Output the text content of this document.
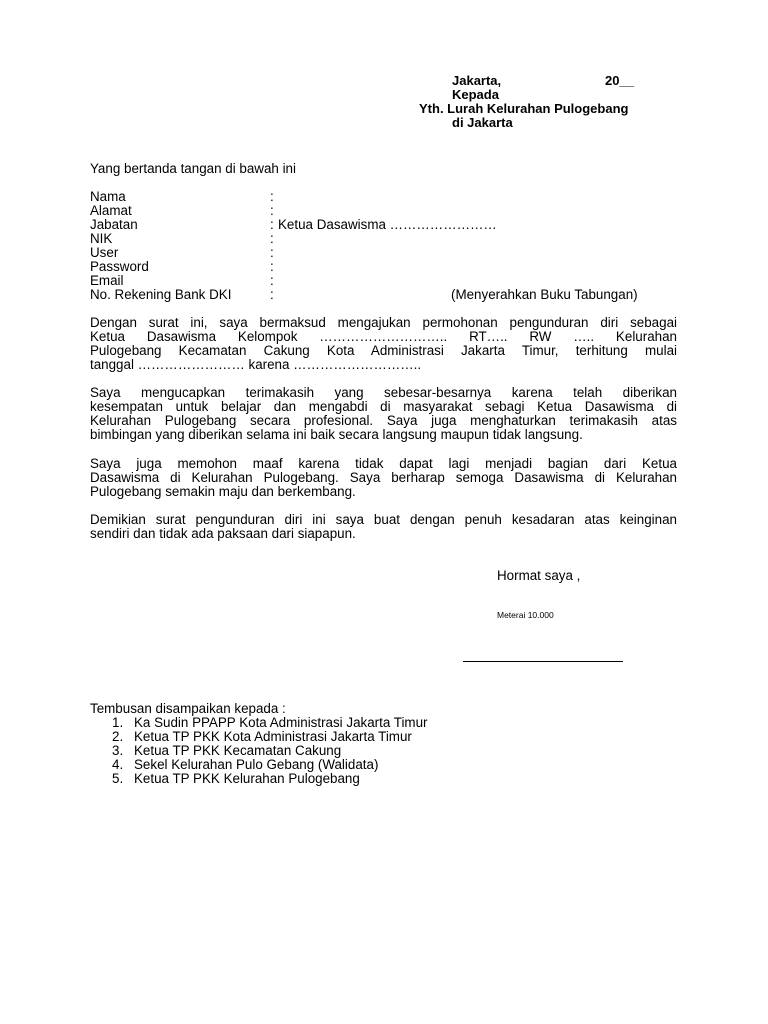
Jakarta,	20__
Kepada
Yth. Lurah Kelurahan Pulogebang
di Jakarta
Yang bertanda tangan di bawah ini
Nama	:
Alamat	:
Jabatan	: Ketua Dasawisma ……………………
NIK	:
User	:
Password	:
Email	:
No. Rekening Bank DKI	:	(Menyerahkan Buku Tabungan)
Dengan surat ini, saya bermaksud mengajukan permohonan pengunduran diri sebagai
Ketua Dasawisma Kelompok ……………………….. RT….. RW ….. Kelurahan
Pulogebang Kecamatan Cakung Kota Administrasi Jakarta Timur, terhitung mulai
tanggal …………………… karena ………………………..
Saya mengucapkan terimakasih yang sebesar-besarnya karena telah diberikan
kesempatan untuk belajar dan mengabdi di masyarakat sebagi Ketua Dasawisma di
Kelurahan Pulogebang secara profesional. Saya juga menghaturkan terimakasih atas
bimbingan yang diberikan selama ini baik secara langsung maupun tidak langsung.
Saya juga memohon maaf karena tidak dapat lagi menjadi bagian dari Ketua
Dasawisma di Kelurahan Pulogebang. Saya berharap semoga Dasawisma di Kelurahan
Pulogebang semakin maju dan berkembang.
Demikian surat pengunduran diri ini saya buat dengan penuh kesadaran atas keinginan
sendiri dan tidak ada paksaan dari siapapun.
Hormat saya ,
Meterai 10.000
Tembusan disampaikan kepada :
1. Ka Sudin PPAPP Kota Administrasi Jakarta Timur
2. Ketua TP PKK Kota Administrasi Jakarta Timur
3. Ketua TP PKK Kecamatan Cakung
4. Sekel Kelurahan Pulo Gebang (Walidata)
5. Ketua TP PKK Kelurahan Pulogebang
